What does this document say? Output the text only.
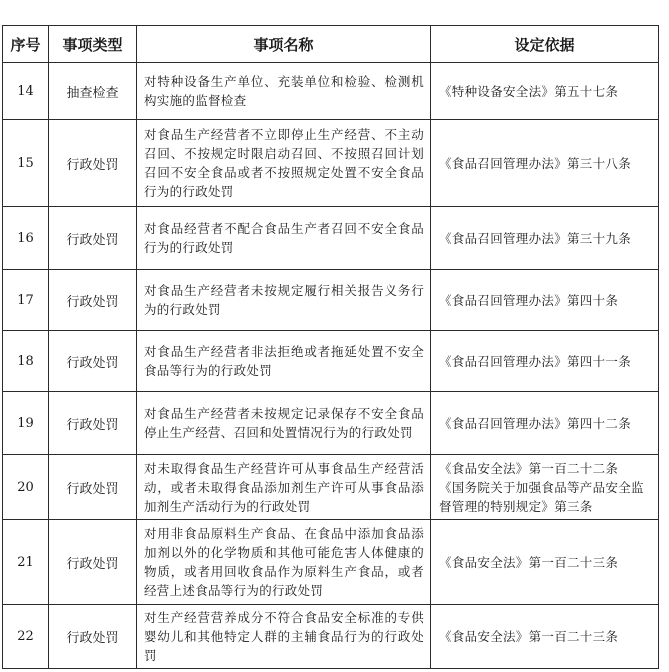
序号	事项类型	事项名称	设定依据
14	抽查检查	对特种设备生产单位、充装单位和检验、检测机构实施的监督检查	《特种设备安全法》第五十七条

15	行政处罚	对食品生产经营者不立即停止生产经营、不主动召回、不按规定时限启动召回、不按照召回计划召回不安全食品或者不按照规定处置不安全食品行为的行政处罚	《食品召回管理办法》第三十八条

16	行政处罚	对食品经营者不配合食品生产者召回不安全食品行为的行政处罚	《食品召回管理办法》第三十九条

17	行政处罚	对食品生产经营者未按规定履行相关报告义务行为的行政处罚	《食品召回管理办法》第四十条

18	行政处罚	对食品生产经营者非法拒绝或者拖延处置不安全食品等行为的行政处罚	《食品召回管理办法》第四十一条

19	行政处罚	对食品生产经营者未按规定记录保存不安全食品停止生产经营、召回和处置情况行为的行政处罚	《食品召回管理办法》第四十二条

20	行政处罚	对未取得食品生产经营许可从事食品生产经营活动，或者未取得食品添加剂生产许可从事食品添加剂生产活动行为的行政处罚	《食品安全法》第一百二十二条
《国务院关于加强食品等产品安全监督管理的特别规定》第三条

21	行政处罚	对用非食品原料生产食品、在食品中添加食品添加剂以外的化学物质和其他可能危害人体健康的物质，或者用回收食品作为原料生产食品，或者经营上述食品等行为的行政处罚	《食品安全法》第一百二十三条

22	行政处罚	对生产经营营养成分不符合食品安全标准的专供婴幼儿和其他特定人群的主辅食品行为的行政处罚	《食品安全法》第一百二十三条
